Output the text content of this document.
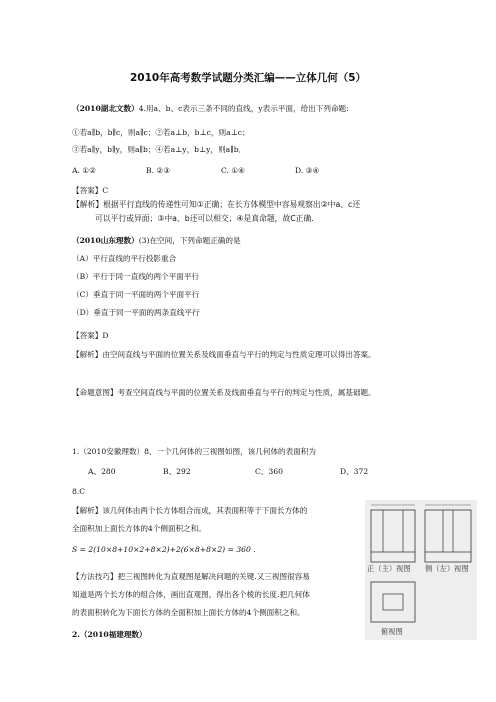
2010年高考数学试题分类汇编——立体几何（5）
（2010湖北文数）4.用a、b、c表示三条不同的直线，y表示平面，给出下列命题:
①若a∥b，b∥c，则a∥c；②若a⊥b，b⊥c，则a⊥c；
③若a∥y，b∥y，则a∥b；④若a⊥y，b⊥y，则a∥b．
A. ①②	B. ②③	C. ①④	D. ③④
【答案】C
【解析】根据平行直线的传递性可知①正确；在长方体模型中容易观察出②中a、c还
可以平行或异面；③中a、b还可以相交；④是真命题，故C正确.
（2010山东理数）(3)在空间，下列命题正确的是
（A）平行直线的平行投影重合
（B）平行于同一直线的两个平面平行
（C）垂直于同一平面的两个平面平行
（D）垂直于同一平面的两条直线平行
【答案】D
【解析】由空间直线与平面的位置关系及线面垂直与平行的判定与性质定理可以得出答案。
【命题意图】考查空间直线与平面的位置关系及线面垂直与平行的判定与性质，属基础题。
1.（2010安徽理数）8、一个几何体的三视图如图，该几何体的表面积为
A、280	B、292	C、360	D、372
8.C
【解析】该几何体由两个长方体组合而成，其表面积等于下面长方体的
全面积加上面长方体的4个侧面积之和。
S = 2(10×8+10×2+8×2)+2(6×8+8×2) = 360 .
【方法技巧】把三视图转化为直观图是解决问题的关键.又三视图很容易
知道是两个长方体的组合体，画出直观图，得出各个棱的长度.把几何体
的表面积转化为下面长方体的全面积加上面长方体的4个侧面积之和。
2.（2010福建理数）
正（主）视图 侧（左）视图
俯视图
